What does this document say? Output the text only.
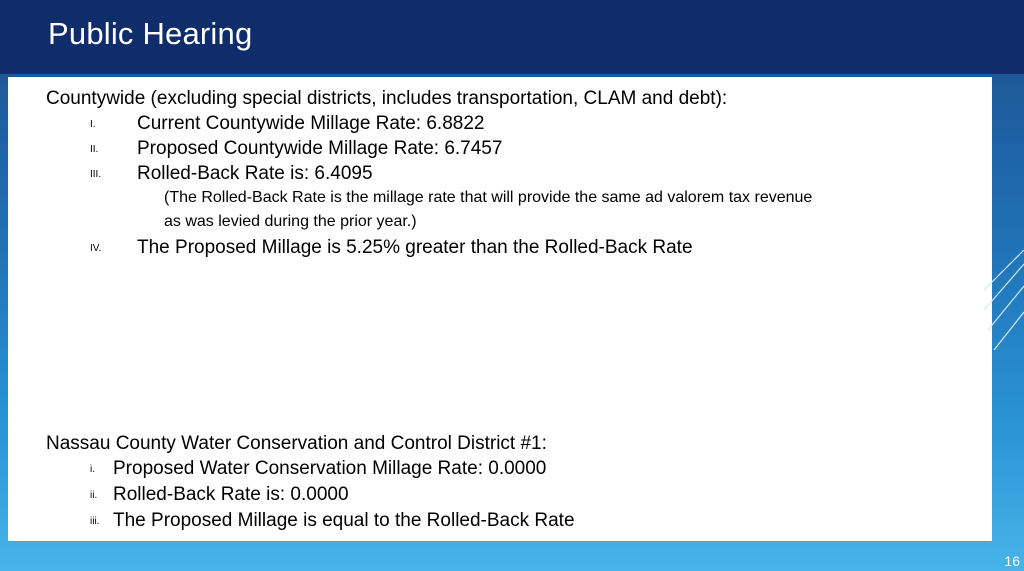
Public Hearing
Countywide (excluding special districts, includes transportation, CLAM and debt):
I. Current Countywide Millage Rate: 6.8822
II. Proposed Countywide Millage Rate: 6.7457
III. Rolled-Back Rate is: 6.4095
(The Rolled-Back Rate is the millage rate that will provide the same ad valorem tax revenue
as was levied during the prior year.)
IV. The Proposed Millage is 5.25% greater than the Rolled-Back Rate
Nassau County Water Conservation and Control District #1:
i. Proposed Water Conservation Millage Rate: 0.0000
ii. Rolled-Back Rate is: 0.0000
iii. The Proposed Millage is equal to the Rolled-Back Rate
16
